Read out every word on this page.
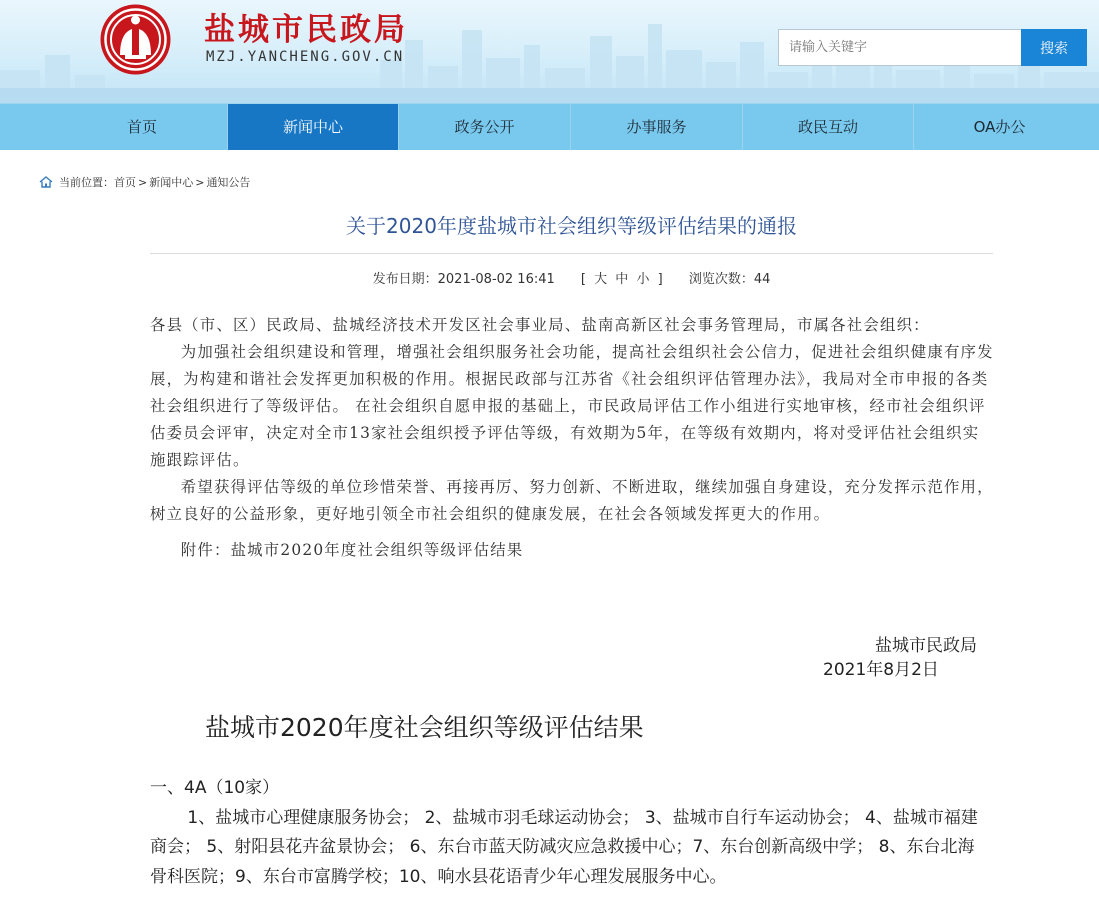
盐城市民政局
MZJ.YANCHENG.GOV.CN
请输入关键字
搜索
首页	新闻中心	政务公开	办事服务	政民互动	OA办公
当前位置： 首页 > 新闻中心 > 通知公告
关于2020年度盐城市社会组织等级评估结果的通报
发布日期：2021-08-02 16:41 [ 大 中 小 ] 浏览次数：44

各县（市、区）民政局、盐城经济技术开发区社会事业局、盐南高新区社会事务管理局，市属各社会组织：

为加强社会组织建设和管理，增强社会组织服务社会功能，提高社会组织社会公信力，促进社会组织健康有序发展，为构建和谐社会发挥更加积极的作用。根据民政部与江苏省《社会组织评估管理办法》，我局对全市申报的各类社会组织进行了等级评估。 在社会组织自愿申报的基础上，市民政局评估工作小组进行实地审核，经市社会组织评估委员会评审，决定对全市13家社会组织授予评估等级，有效期为5年，在等级有效期内，将对受评估社会组织实施跟踪评估。

希望获得评估等级的单位珍惜荣誉、再接再厉、努力创新、不断进取，继续加强自身建设，充分发挥示范作用，树立良好的公益形象，更好地引领全市社会组织的健康发展，在社会各领域发挥更大的作用。

附件：盐城市2020年度社会组织等级评估结果

盐城市民政局
2021年8月2日
盐城市2020年度社会组织等级评估结果

一、4A（10家）

1、盐城市心理健康服务协会； 2、盐城市羽毛球运动协会； 3、盐城市自行车运动协会； 4、盐城市福建商会； 5、射阳县花卉盆景协会； 6、东台市蓝天防减灾应急救援中心；7、东台创新高级中学； 8、东台北海骨科医院；9、东台市富腾学校；10、响水县花语青少年心理发展服务中心。
